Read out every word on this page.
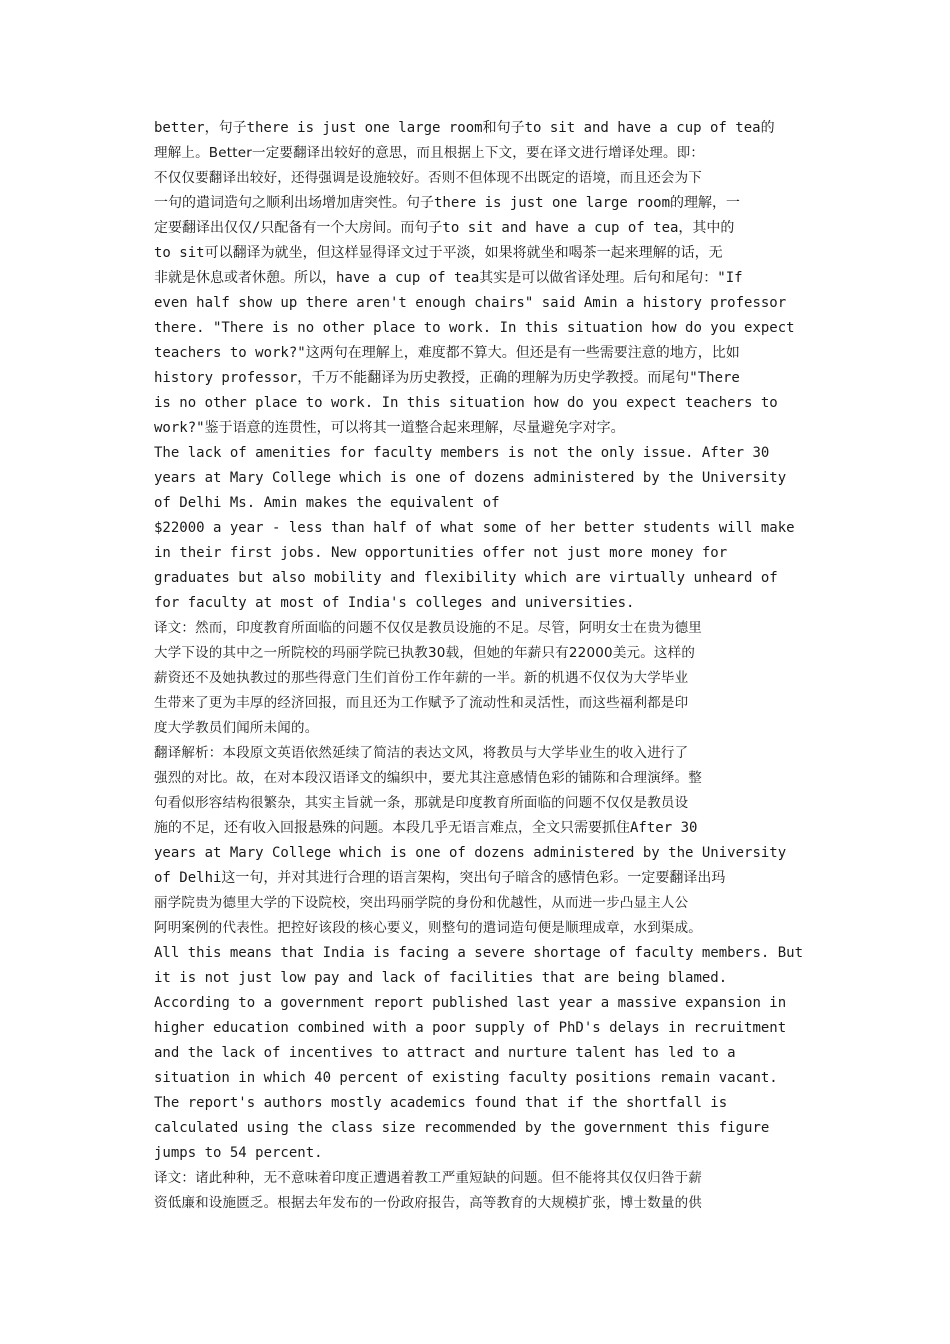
better，句子there is just one large room和句子to sit and have a cup of tea的
理解上。Better一定要翻译出较好的意思，而且根据上下文，要在译文进行增译处理。即：
不仅仅要翻译出较好，还得强调是设施较好。否则不但体现不出既定的语境，而且还会为下
一句的遣词造句之顺利出场增加唐突性。句子there is just one large room的理解，一
定要翻译出仅仅/只配备有一个大房间。而句子to sit and have a cup of tea，其中的
to sit可以翻译为就坐，但这样显得译文过于平淡，如果将就坐和喝茶一起来理解的话，无
非就是休息或者休憩。所以，have a cup of tea其实是可以做省译处理。后句和尾句："If
even half show up there aren't enough chairs" said Amin a history professor
there. "There is no other place to work. In this situation how do you expect
teachers to work?"这两句在理解上，难度都不算大。但还是有一些需要注意的地方，比如
history professor，千万不能翻译为历史教授，正确的理解为历史学教授。而尾句"There
is no other place to work. In this situation how do you expect teachers to
work?"鉴于语意的连贯性，可以将其一道整合起来理解，尽量避免字对字。
The lack of amenities for faculty members is not the only issue. After 30
years at Mary College which is one of dozens administered by the University
of Delhi Ms. Amin makes the equivalent of
$22000 a year - less than half of what some of her better students will make
in their first jobs. New opportunities offer not just more money for
graduates but also mobility and flexibility which are virtually unheard of
for faculty at most of India's colleges and universities.
译文：然而，印度教育所面临的问题不仅仅是教员设施的不足。尽管，阿明女士在贵为德里
大学下设的其中之一所院校的玛丽学院已执教30载，但她的年薪只有22000美元。这样的
薪资还不及她执教过的那些得意门生们首份工作年薪的一半。新的机遇不仅仅为大学毕业
生带来了更为丰厚的经济回报，而且还为工作赋予了流动性和灵活性，而这些福利都是印
度大学教员们闻所未闻的。
翻译解析：本段原文英语依然延续了简洁的表达文风，将教员与大学毕业生的收入进行了
强烈的对比。故，在对本段汉语译文的编织中，要尤其注意感情色彩的铺陈和合理演绎。整
句看似形容结构很繁杂，其实主旨就一条，那就是印度教育所面临的问题不仅仅是教员设
施的不足，还有收入回报悬殊的问题。本段几乎无语言难点，全文只需要抓住After 30
years at Mary College which is one of dozens administered by the University
of Delhi这一句，并对其进行合理的语言架构，突出句子暗含的感情色彩。一定要翻译出玛
丽学院贵为德里大学的下设院校，突出玛丽学院的身份和优越性，从而进一步凸显主人公
阿明案例的代表性。把控好该段的核心要义，则整句的遣词造句便是顺理成章，水到渠成。
All this means that India is facing a severe shortage of faculty members. But
it is not just low pay and lack of facilities that are being blamed.
According to a government report published last year a massive expansion in
higher education combined with a poor supply of PhD's delays in recruitment
and the lack of incentives to attract and nurture talent has led to a
situation in which 40 percent of existing faculty positions remain vacant.
The report's authors mostly academics found that if the shortfall is
calculated using the class size recommended by the government this figure
jumps to 54 percent.
译文：诸此种种，无不意味着印度正遭遇着教工严重短缺的问题。但不能将其仅仅归咎于薪
资低廉和设施匮乏。根据去年发布的一份政府报告，高等教育的大规模扩张，博士数量的供
